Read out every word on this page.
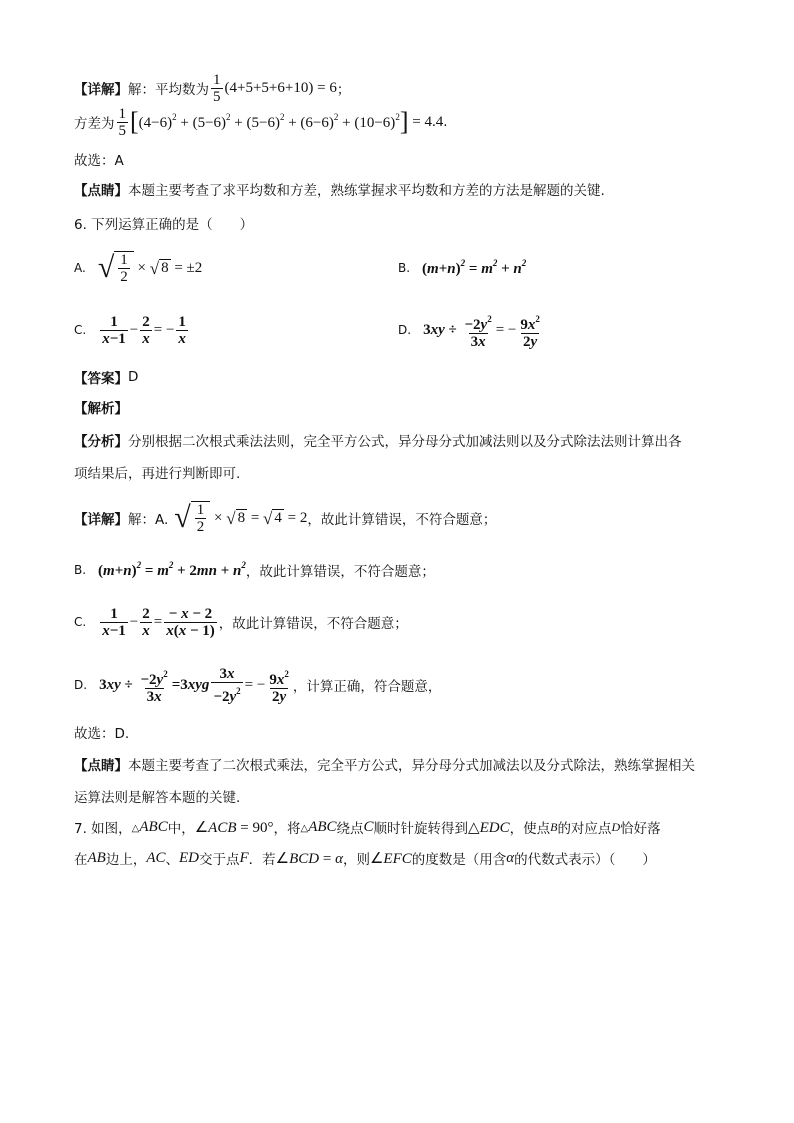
【详解】 解：平均数为 $\frac{1}{5}$ ( 4+5+5+6+10 ) = 6 ；
方差为 $\frac{1}{5}$ [ $(4-6)^2 + (5-6)^2 + (5-6)^2 + (6-6)^2 + (10-6)^2$ ] = 4.4 .
故选：A
【点睛】 本题主要考查了求平均数和方差，熟练掌握求平均数和方差的方法是解题的关键.
6. 下列运算正确的是（　　）
A. √ $\frac{1}{2}$ × √ 8 = ±2	B. $(m+n)^2 = m^2 + n^2$
C. $\frac{1}{x-1} - \frac{2}{x}$ = − $\frac{1}{x}$	D. $3xy \div \frac{-2y^2}{3x}$ = − $\frac{9x^2}{2y}$
【答案】 D
【解析】
【分析】 分别根据二次根式乘法法则，完全平方公式，异分母分式加减法则以及分式除法法则计算出各
项结果后，再进行判断即可.
【详解】 解：A. √ $\frac{1}{2}$ × √ 8 = √ 4 = 2 ，故此计算错误，不符合题意；
B. $(m+n)^2 = m^2 + 2mn + n^2$ ，故此计算错误，不符合题意；
C. $\frac{1}{x-1} - \frac{2}{x} = \frac{- x - 2}{x(x - 1)}$ ，故此计算错误，不符合题意；
D. $3xy \div \frac{-2y^2}{3x} =3xyg \frac{3x}{-2y^2}$ = − $\frac{9x^2}{2y}$ ，计算正确，符合题意，
故选：D.
【点睛】 本题主要考查了二次根式乘法，完全平方公式，异分母分式加减法以及分式除法，熟练掌握相关
运算法则是解答本题的关键.
7. 如图， △ABC 中， ∠ACB = 90° ，将 △ABC 绕点 C 顺时针旋转得到 △EDC ，使点 B 的对应点 D 恰好落
在 AB 边上， AC 、 ED 交于点 F ．若 ∠BCD = α ，则 ∠EFC 的度数是（用含 α 的代数式表示）（　　）
